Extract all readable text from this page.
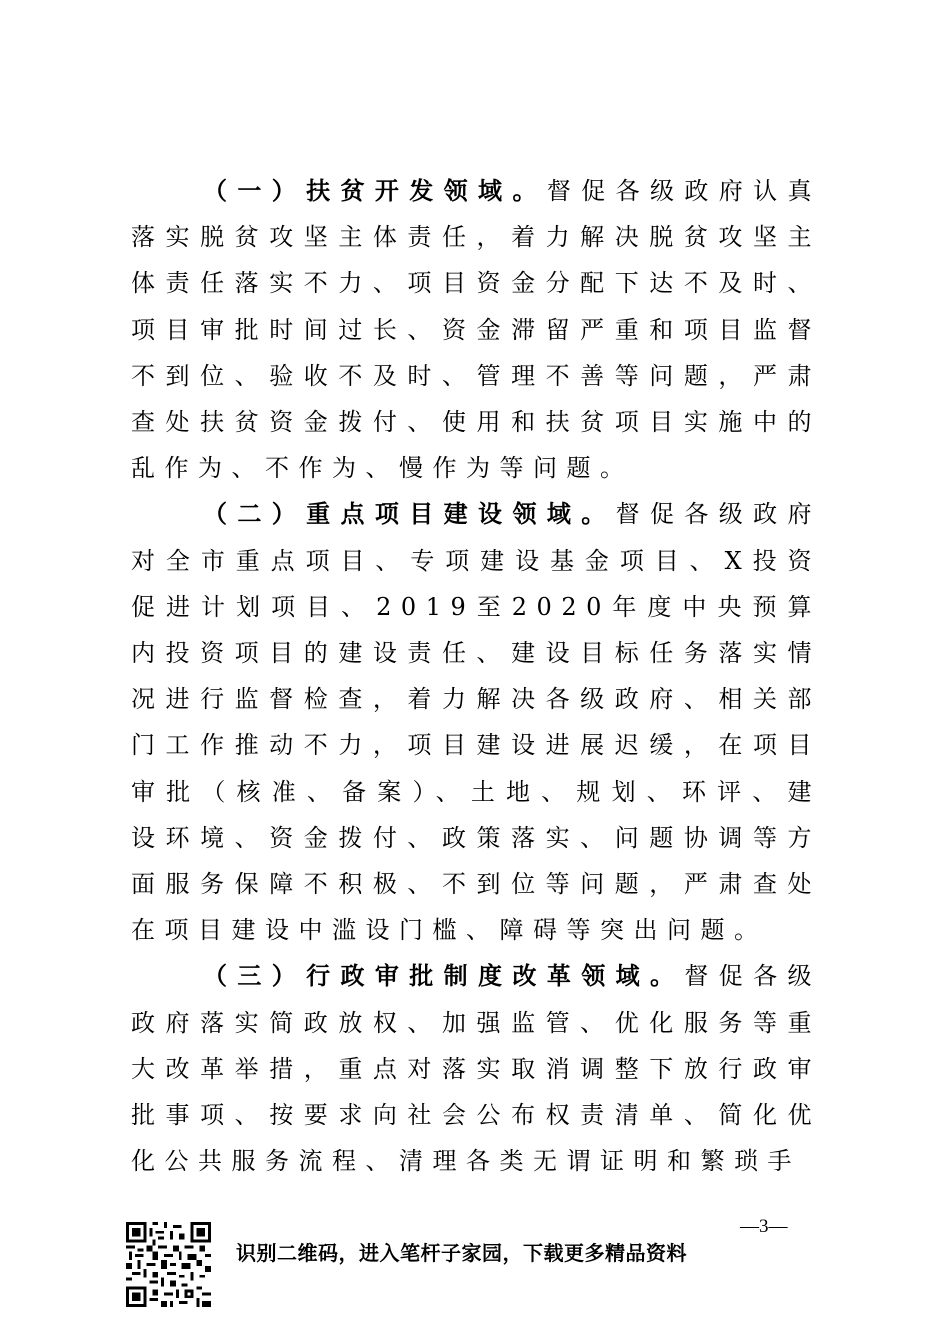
（一）扶贫开发领域。督促各级政府认真落实脱贫攻坚主体责任，着力解决脱贫攻坚主体责任落实不力、项目资金分配下达不及时、项目审批时间过长、资金滞留严重和项目监督不到位、验收不及时、管理不善等问题，严肃查处扶贫资金拨付、使用和扶贫项目实施中的乱作为、不作为、慢作为等问题。

（二）重点项目建设领域。督促各级政府对全市重点项目、专项建设基金项目、X投资促进计划项目、2019至2020年度中央预算内投资项目的建设责任、建设目标任务落实情况进行监督检查，着力解决各级政府、相关部门工作推动不力，项目建设进展迟缓，在项目审批（核准、备案）、土地、规划、环评、建设环境、资金拨付、政策落实、问题协调等方面服务保障不积极、不到位等问题，严肃查处在项目建设中滥设门槛、障碍等突出问题。

（三）行政审批制度改革领域。督促各级政府落实简政放权、加强监管、优化服务等重大改革举措，重点对落实取消调整下放行政审批事项、按要求向社会公布权责清单、简化优化公共服务流程、清理各类无谓证明和繁琐手

—3—
识别二维码，进入笔杆子家园，下载更多精品资料
